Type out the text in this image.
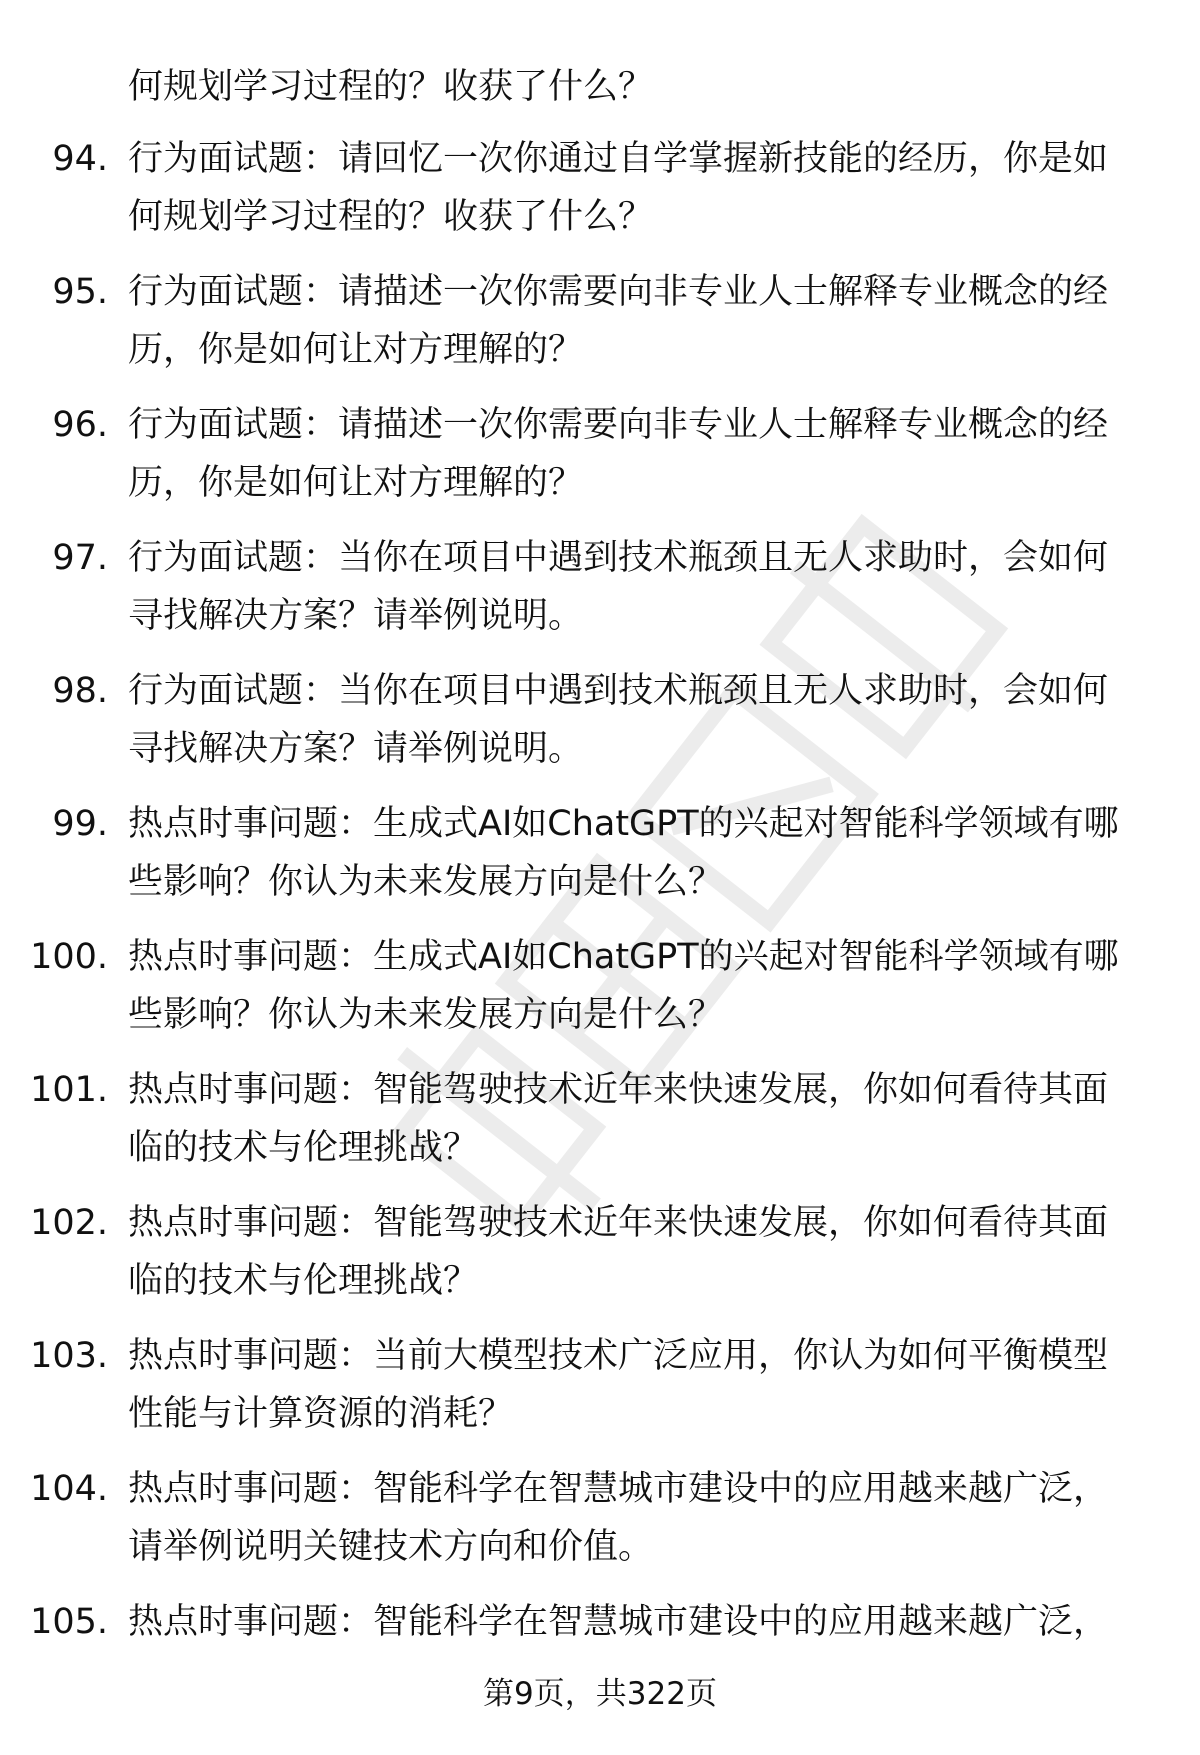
何规划学习过程的？收获了什么？
94. 行为面试题：请回忆一次你通过自学掌握新技能的经历，你是如
何规划学习过程的？收获了什么？
95. 行为面试题：请描述一次你需要向非专业人士解释专业概念的经
历，你是如何让对方理解的？
96. 行为面试题：请描述一次你需要向非专业人士解释专业概念的经
历，你是如何让对方理解的？
97. 行为面试题：当你在项目中遇到技术瓶颈且无人求助时，会如何
寻找解决方案？请举例说明。
98. 行为面试题：当你在项目中遇到技术瓶颈且无人求助时，会如何
寻找解决方案？请举例说明。
99. 热点时事问题：生成式AI如ChatGPT的兴起对智能科学领域有哪
些影响？你认为未来发展方向是什么？
100. 热点时事问题：生成式AI如ChatGPT的兴起对智能科学领域有哪
些影响？你认为未来发展方向是什么？
101. 热点时事问题：智能驾驶技术近年来快速发展，你如何看待其面
临的技术与伦理挑战？
102. 热点时事问题：智能驾驶技术近年来快速发展，你如何看待其面
临的技术与伦理挑战？
103. 热点时事问题：当前大模型技术广泛应用，你认为如何平衡模型
性能与计算资源的消耗？
104. 热点时事问题：智能科学在智慧城市建设中的应用越来越广泛，
请举例说明关键技术方向和价值。
105. 热点时事问题：智能科学在智慧城市建设中的应用越来越广泛，
第9页，共322页
